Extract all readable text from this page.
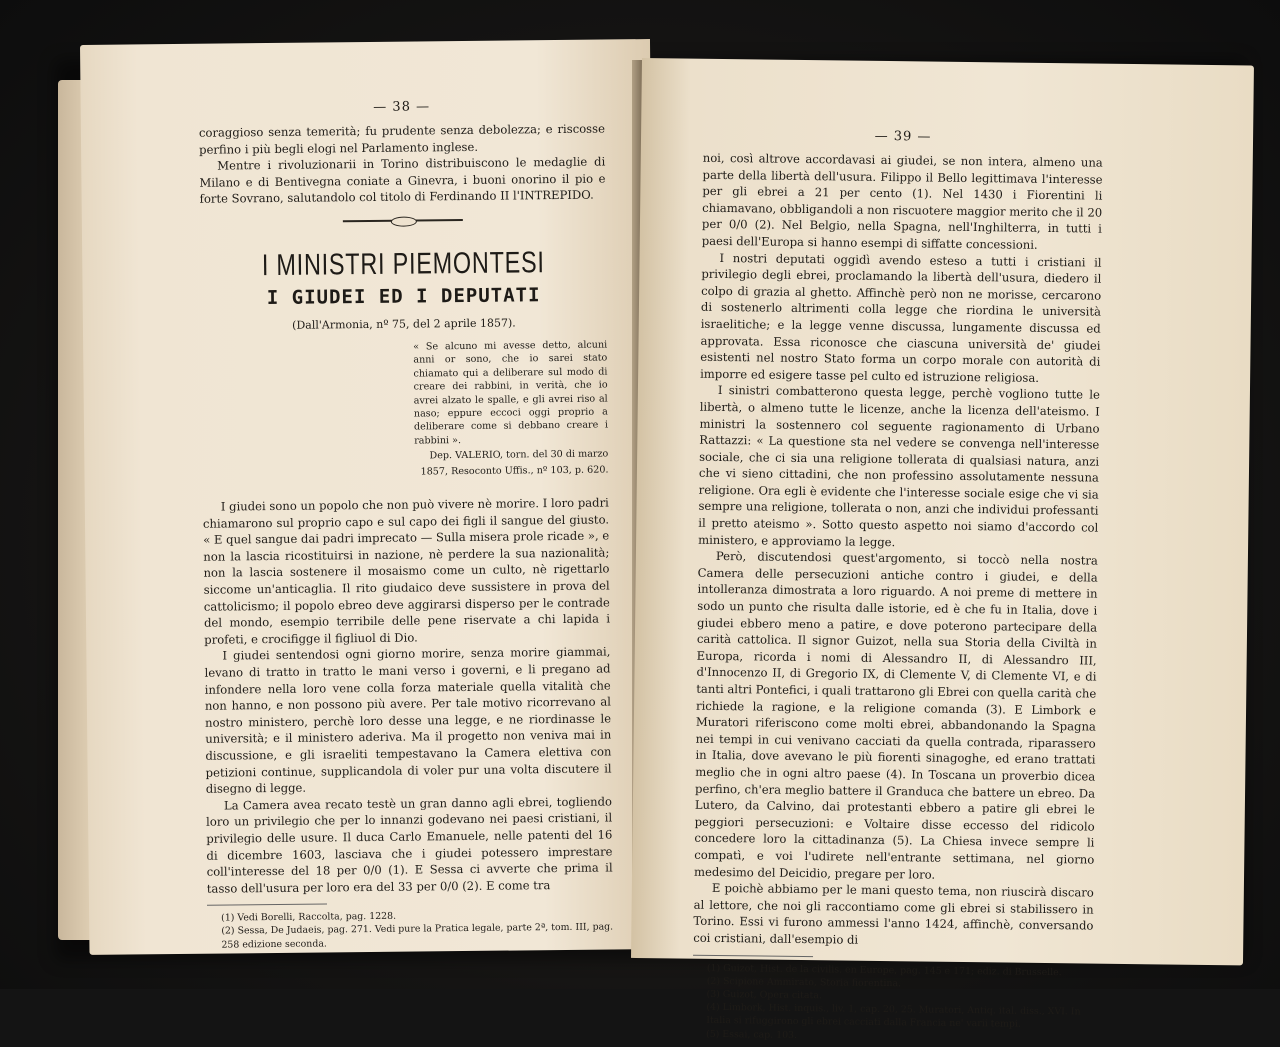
— 38 —

coraggioso senza temerità; fu prudente senza debolezza; e riscosse perfino i più begli elogi nel Parlamento inglese.

Mentre i rivoluzionarii in Torino distribuiscono le medaglie di Milano e di Bentivegna coniate a Ginevra, i buoni onorino il pio e forte Sovrano, salutandolo col titolo di Ferdinando II l'INTREPIDO.

I MINISTRI PIEMONTESI
I GIUDEI ED I DEPUTATI
(Dall'Armonia, nº 75, del 2 aprile 1857).
« Se alcuno mi avesse detto, alcuni anni or sono, che io sarei stato chiamato qui a deliberare sul modo di creare dei rabbini, in verità, che io avrei alzato le spalle, e gli avrei riso al naso; eppure eccoci oggi proprio a deliberare come si debbano creare i rabbini ».
Dep. VALERIO, torn. del 30 di marzo
1857, Resoconto Uffis., nº 103, p. 620.

I giudei sono un popolo che non può vivere nè morire. I loro padri chiamarono sul proprio capo e sul capo dei figli il sangue del giusto. « E quel sangue dai padri imprecato — Sulla misera prole ricade », e non la lascia ricostituirsi in nazione, nè perdere la sua nazionalità; non la lascia sostenere il mosaismo come un culto, nè rigettarlo siccome un'anticaglia. Il rito giudaico deve sussistere in prova del cattolicismo; il popolo ebreo deve aggirarsi disperso per le contrade del mondo, esempio terribile delle pene riservate a chi lapida i profeti, e crocifigge il figliuol di Dio.

I giudei sentendosi ogni giorno morire, senza morire giammai, levano di tratto in tratto le mani verso i governi, e li pregano ad infondere nella loro vene colla forza materiale quella vitalità che non hanno, e non possono più avere. Per tale motivo ricorrevano al nostro ministero, perchè loro desse una legge, e ne riordinasse le università; e il ministero aderiva. Ma il progetto non veniva mai in discussione, e gli israeliti tempestavano la Camera elettiva con petizioni continue, supplicandola di voler pur una volta discutere il disegno di legge.

La Camera avea recato testè un gran danno agli ebrei, togliendo loro un privilegio che per lo innanzi godevano nei paesi cristiani, il privilegio delle usure. Il duca Carlo Emanuele, nelle patenti del 16 di dicembre 1603, lasciava che i giudei potessero imprestare coll'interesse del 18 per 0/0 (1). E Sessa ci avverte che prima il tasso dell'usura per loro era del 33 per 0/0 (2). E come tra

(1) Vedi Borelli, Raccolta, pag. 1228.

(2) Sessa, De Judaeis, pag. 271. Vedi pure la Pratica legale, parte 2ª, tom. III, pag. 258 edizione seconda.

— 39 —

noi, così altrove accordavasi ai giudei, se non intera, almeno una parte della libertà dell'usura. Filippo il Bello legittimava l'interesse per gli ebrei a 21 per cento (1). Nel 1430 i Fiorentini li chiamavano, obbligandoli a non riscuotere maggior merito che il 20 per 0/0 (2). Nel Belgio, nella Spagna, nell'Inghilterra, in tutti i paesi dell'Europa si hanno esempi di siffatte concessioni.

I nostri deputati oggidì avendo esteso a tutti i cristiani il privilegio degli ebrei, proclamando la libertà dell'usura, diedero il colpo di grazia al ghetto. Affinchè però non ne morisse, cercarono di sostenerlo altrimenti colla legge che riordina le università israelitiche; e la legge venne discussa, lungamente discussa ed approvata. Essa riconosce che ciascuna università de' giudei esistenti nel nostro Stato forma un corpo morale con autorità di imporre ed esigere tasse pel culto ed istruzione religiosa.

I sinistri combatterono questa legge, perchè vogliono tutte le libertà, o almeno tutte le licenze, anche la licenza dell'ateismo. I ministri la sostennero col seguente ragionamento di Urbano Rattazzi: « La questione sta nel vedere se convenga nell'interesse sociale, che ci sia una religione tollerata di qualsiasi natura, anzi che vi sieno cittadini, che non professino assolutamente nessuna religione. Ora egli è evidente che l'interesse sociale esige che vi sia sempre una religione, tollerata o non, anzi che individui professanti il pretto ateismo ». Sotto questo aspetto noi siamo d'accordo col ministero, e approviamo la legge.

Però, discutendosi quest'argomento, si toccò nella nostra Camera delle persecuzioni antiche contro i giudei, e della intolleranza dimostrata a loro riguardo. A noi preme di mettere in sodo un punto che risulta dalle istorie, ed è che fu in Italia, dove i giudei ebbero meno a patire, e dove poterono partecipare della carità cattolica. Il signor Guizot, nella sua Storia della Civiltà in Europa, ricorda i nomi di Alessandro II, di Alessandro III, d'Innocenzo II, di Gregorio IX, di Clemente V, di Clemente VI, e di tanti altri Pontefici, i quali trattarono gli Ebrei con quella carità che richiede la ragione, e la religione comanda (3). E Limbork e Muratori riferiscono come molti ebrei, abbandonando la Spagna nei tempi in cui venivano cacciati da quella contrada, riparassero in Italia, dove avevano le più fiorenti sinagoghe, ed erano trattati meglio che in ogni altro paese (4). In Toscana un proverbio dicea perfino, ch'era meglio battere il Granduca che battere un ebreo. Da Lutero, da Calvino, dai protestanti ebbero a patire gli ebrei le peggiori persecuzioni: e Voltaire disse eccesso del ridicolo concedere loro la cittadinanza (5). La Chiesa invece sempre li compatì, e voi l'udirete nell'entrante settimana, nel giorno medesimo del Deicidio, pregare per loro.

E poichè abbiamo per le mani questo tema, non riuscirà discaro al lettore, che noi gli raccontiamo come gli ebrei si stabilissero in Torino. Essi vi furono ammessi l'anno 1424, affinchè, conversando coi cristiani, dall'esempio di

(1) Guizot, Hist. de la civilis. en Europe, pag. 145 e 171; ediz. di Brusselle.

(2) Scipione Ammirato, Storia fiorentina.

(3) Guizot, Opera citata.

(4) Limbork, Hist. inquis., liv. 1, cap. 20, 25. Muratori, Antiq. ital. diss., XVI. In Italia si rifuggirono gli ebrei cacciati dalla Francia ne' varii tempi.

(5) Essai, cap. 103.
